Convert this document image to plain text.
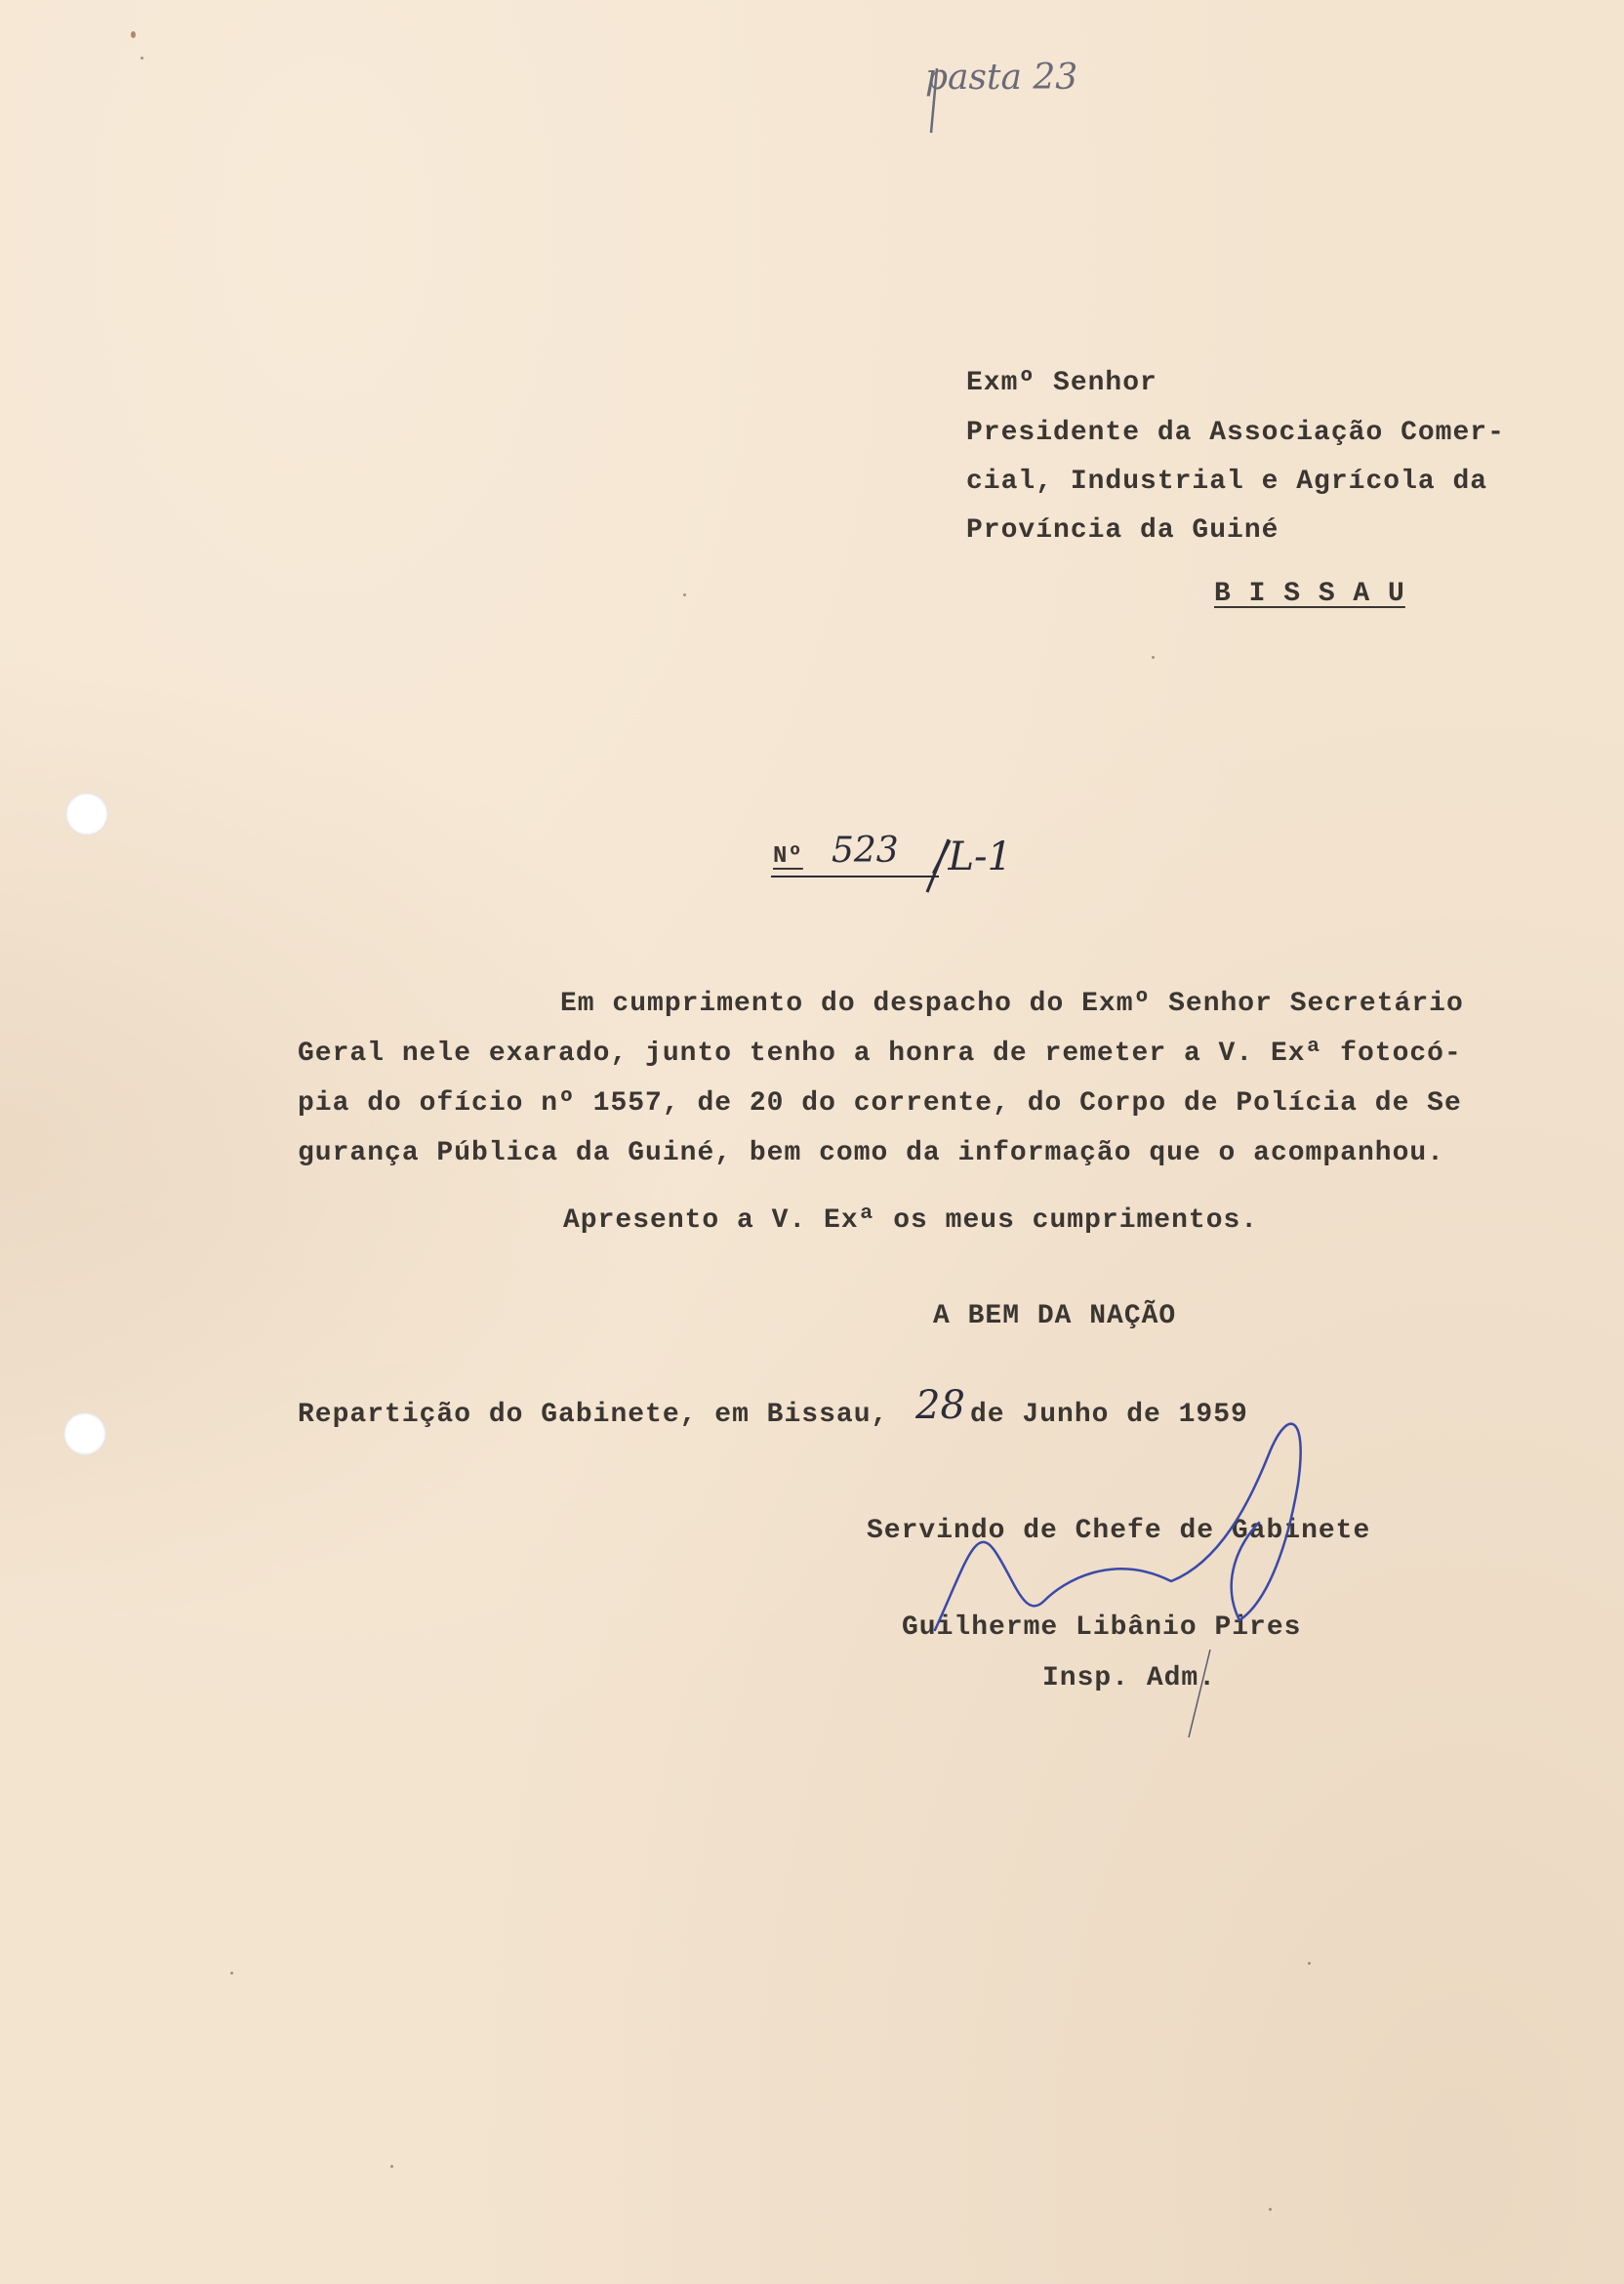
pasta 23
Exmº Senhor
Presidente da Associação Comer-
cial, Industrial e Agrícola da
Província da Guiné
B I S S A U
Nº 523 /L-1
Em cumprimento do despacho do Exmº Senhor Secretário
Geral nele exarado, junto tenho a honra de remeter a V. Exª fotocó-
pia do ofício nº 1557, de 20 do corrente, do Corpo de Polícia de Se
gurança Pública da Guiné, bem como da informação que o acompanhou.
Apresento a V. Exª os meus cumprimentos.
A BEM DA NAÇÃO
Repartição do Gabinete, em Bissau, 28 de Junho de 1959
Servindo de Chefe de Gabinete
Guilherme Libânio Pires
Insp. Adm.
